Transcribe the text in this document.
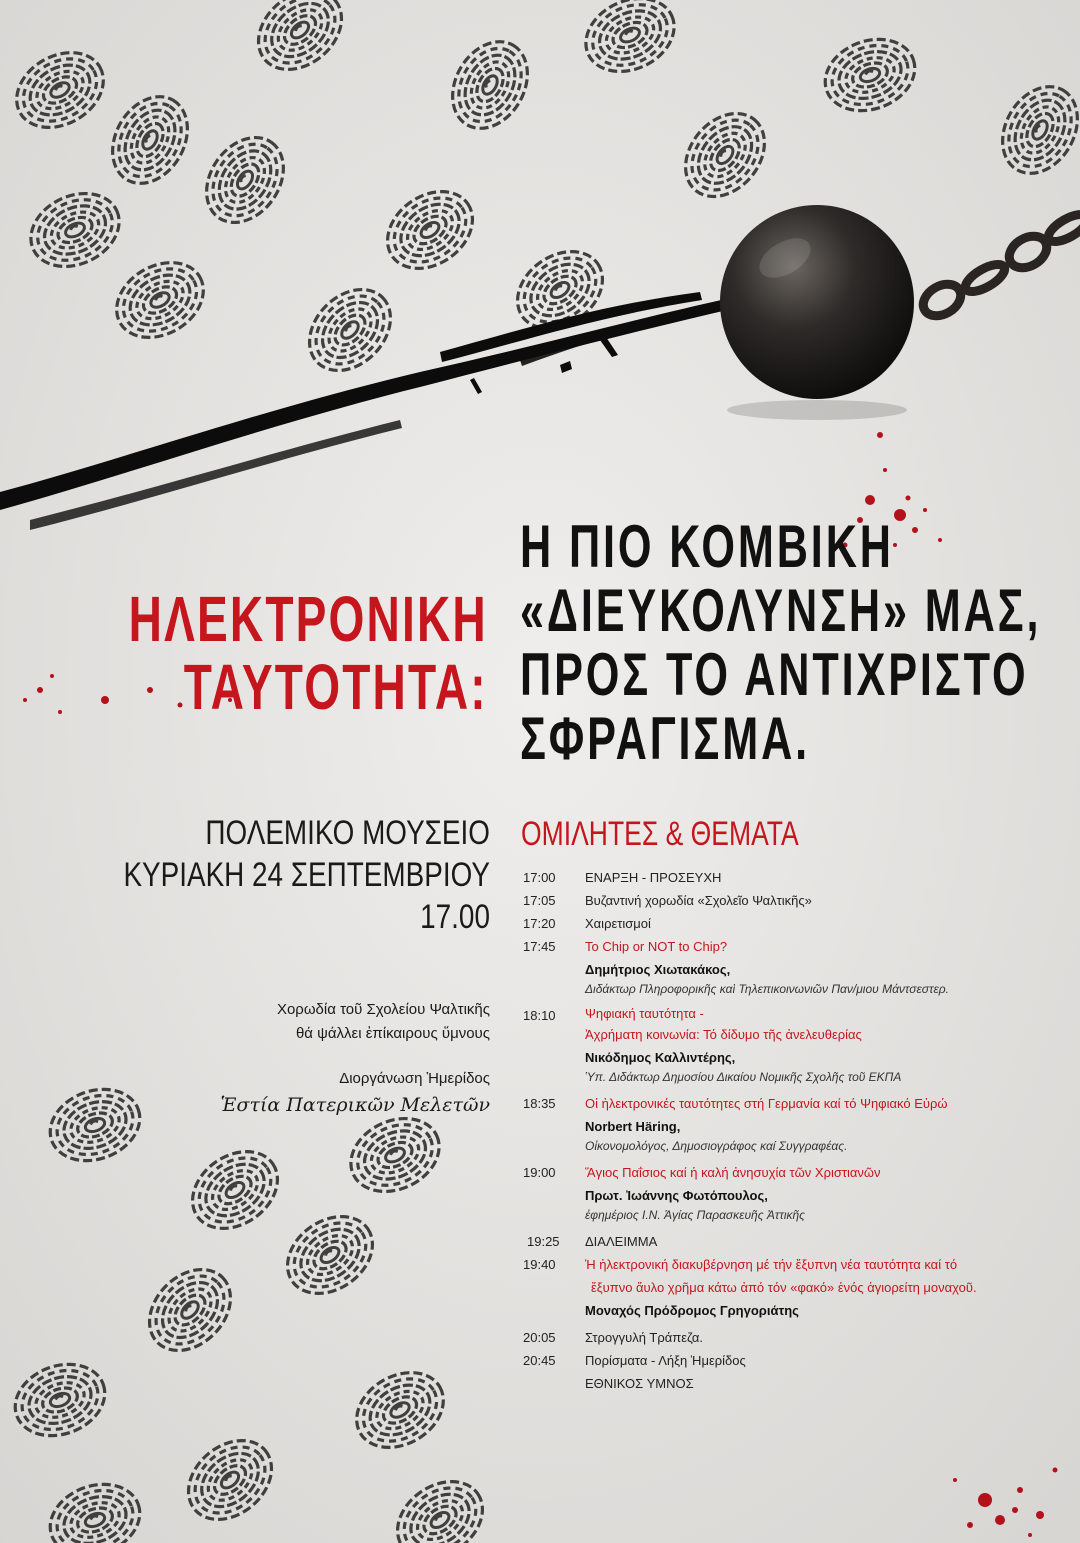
ΗΛΕΚΤΡΟΝΙΚΗ
ΤΑΥΤΟΤΗΤΑ:
Η ΠΙΟ ΚΟΜΒΙΚΗ
«ΔΙΕΥΚΟΛΥΝΣΗ» ΜΑΣ,
ΠΡΟΣ ΤΟ ΑΝΤΙΧΡΙΣΤΟ
ΣΦΡΑΓΙΣΜΑ.
ΠΟΛΕΜΙΚΟ ΜΟΥΣΕΙΟ
ΚΥΡΙΑΚΗ 24 ΣΕΠΤΕΜΒΡΙΟΥ
17.00
Χορωδία τοῦ Σχολείου Ψαλτικῆς
θά ψάλλει ἐπίκαιρους ὕμνους
Διοργάνωση Ἡμερίδος
Ἑστία Πατερικῶν Μελετῶν
ΟΜΙΛΗΤΕΣ & ΘΕΜΑΤΑ
17:00	ΕΝΑΡΞΗ - ΠΡΟΣΕΥΧΗ
17:05	Βυζαντινή χορωδία «Σχολεῖο Ψαλτικῆς»
17:20	Χαιρετισμοί
17:45	To Chip or NOT to Chip?
Δημήτριος Χιωτακάκος,
Διδάκτωρ Πληροφορικῆς καὶ Τηλεπικοινωνιῶν Παν/μιου Μάντσεστερ.
18:10	Ψηφιακή ταυτότητα -
Ἀχρήματη κοινωνία: Τό δίδυμο τῆς ἀνελευθερίας
Νικόδημος Καλλιντέρης,
Ὑπ. Διδάκτωρ Δημοσίου Δικαίου Νομικῆς Σχολῆς τοῦ ΕΚΠΑ
18:35	Οἱ ἠλεκτρονικές ταυτότητες στή Γερμανία καί τό Ψηφιακό Εὐρώ
Norbert Häring,
Οἰκονομολόγος, Δημοσιογράφος καί Συγγραφέας.
19:00	Ἅγιος Παΐσιος καί ἡ καλή ἀνησυχία τῶν Χριστιανῶν
Πρωτ. Ἰωάννης Φωτόπουλος,
ἐφημέριος Ι.Ν. Ἁγίας Παρασκευῆς Ἀττικῆς
19:25	ΔΙΑΛΕΙΜΜΑ
19:40	Ἡ ἠλεκτρονική διακυβέρνηση μέ τήν ἔξυπνη νέα ταυτότητα καί τό
ἔξυπνο ἄυλο χρῆμα κάτω ἀπό τόν «φακό» ἑνός ἁγιορείτη μοναχοῦ.
Μοναχός Πρόδρομος Γρηγοριάτης
20:05	Στρογγυλή Τράπεζα.
20:45	Πορίσματα - Λήξη Ἡμερίδος
ΕΘΝΙΚΟΣ ΥΜΝΟΣ
